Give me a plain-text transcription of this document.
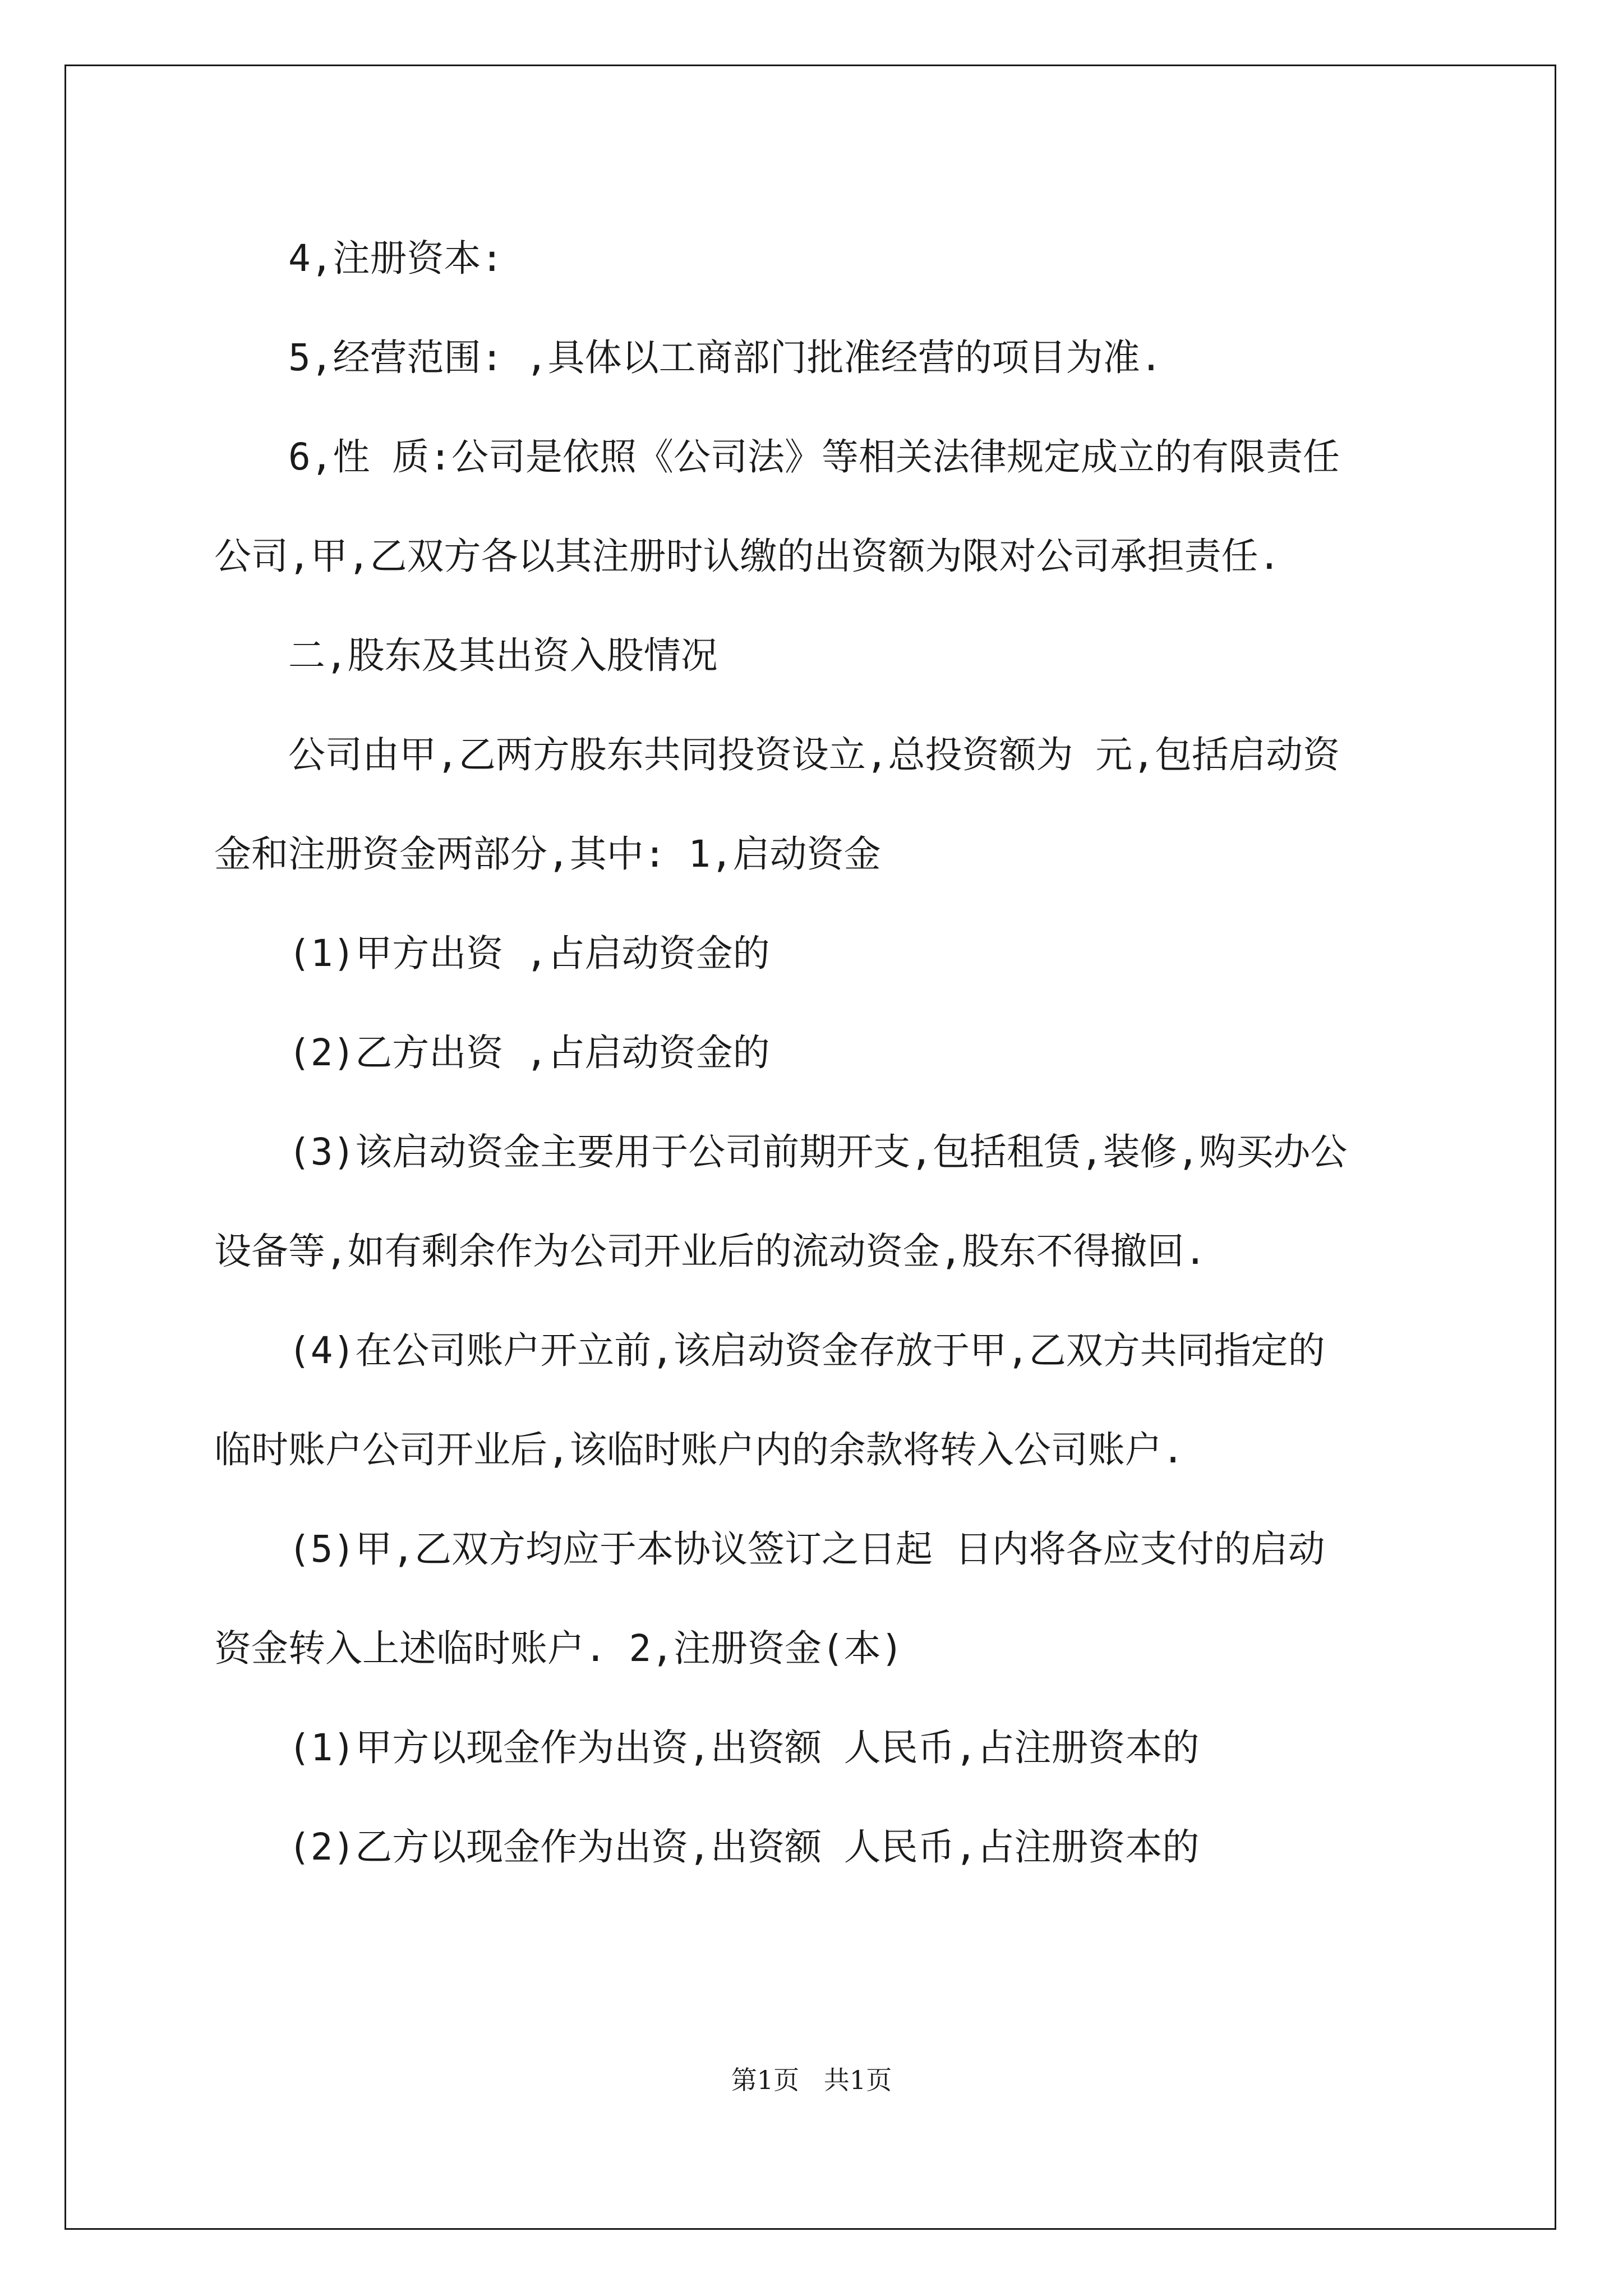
4,注册资本:
5,经营范围: ,具体以工商部门批准经营的项目为准.
6,性 质:公司是依照《公司法》等相关法律规定成立的有限责任
公司,甲,乙双方各以其注册时认缴的出资额为限对公司承担责任.
二,股东及其出资入股情况
公司由甲,乙两方股东共同投资设立,总投资额为 元,包括启动资
金和注册资金两部分,其中: 1,启动资金
(1)甲方出资 ,占启动资金的
(2)乙方出资 ,占启动资金的
(3)该启动资金主要用于公司前期开支,包括租赁,装修,购买办公
设备等,如有剩余作为公司开业后的流动资金,股东不得撤回.
(4)在公司账户开立前,该启动资金存放于甲,乙双方共同指定的
临时账户公司开业后,该临时账户内的余款将转入公司账户.
(5)甲,乙双方均应于本协议签订之日起 日内将各应支付的启动
资金转入上述临时账户. 2,注册资金(本)
(1)甲方以现金作为出资,出资额 人民币,占注册资本的
(2)乙方以现金作为出资,出资额 人民币,占注册资本的
第1页   共1页
